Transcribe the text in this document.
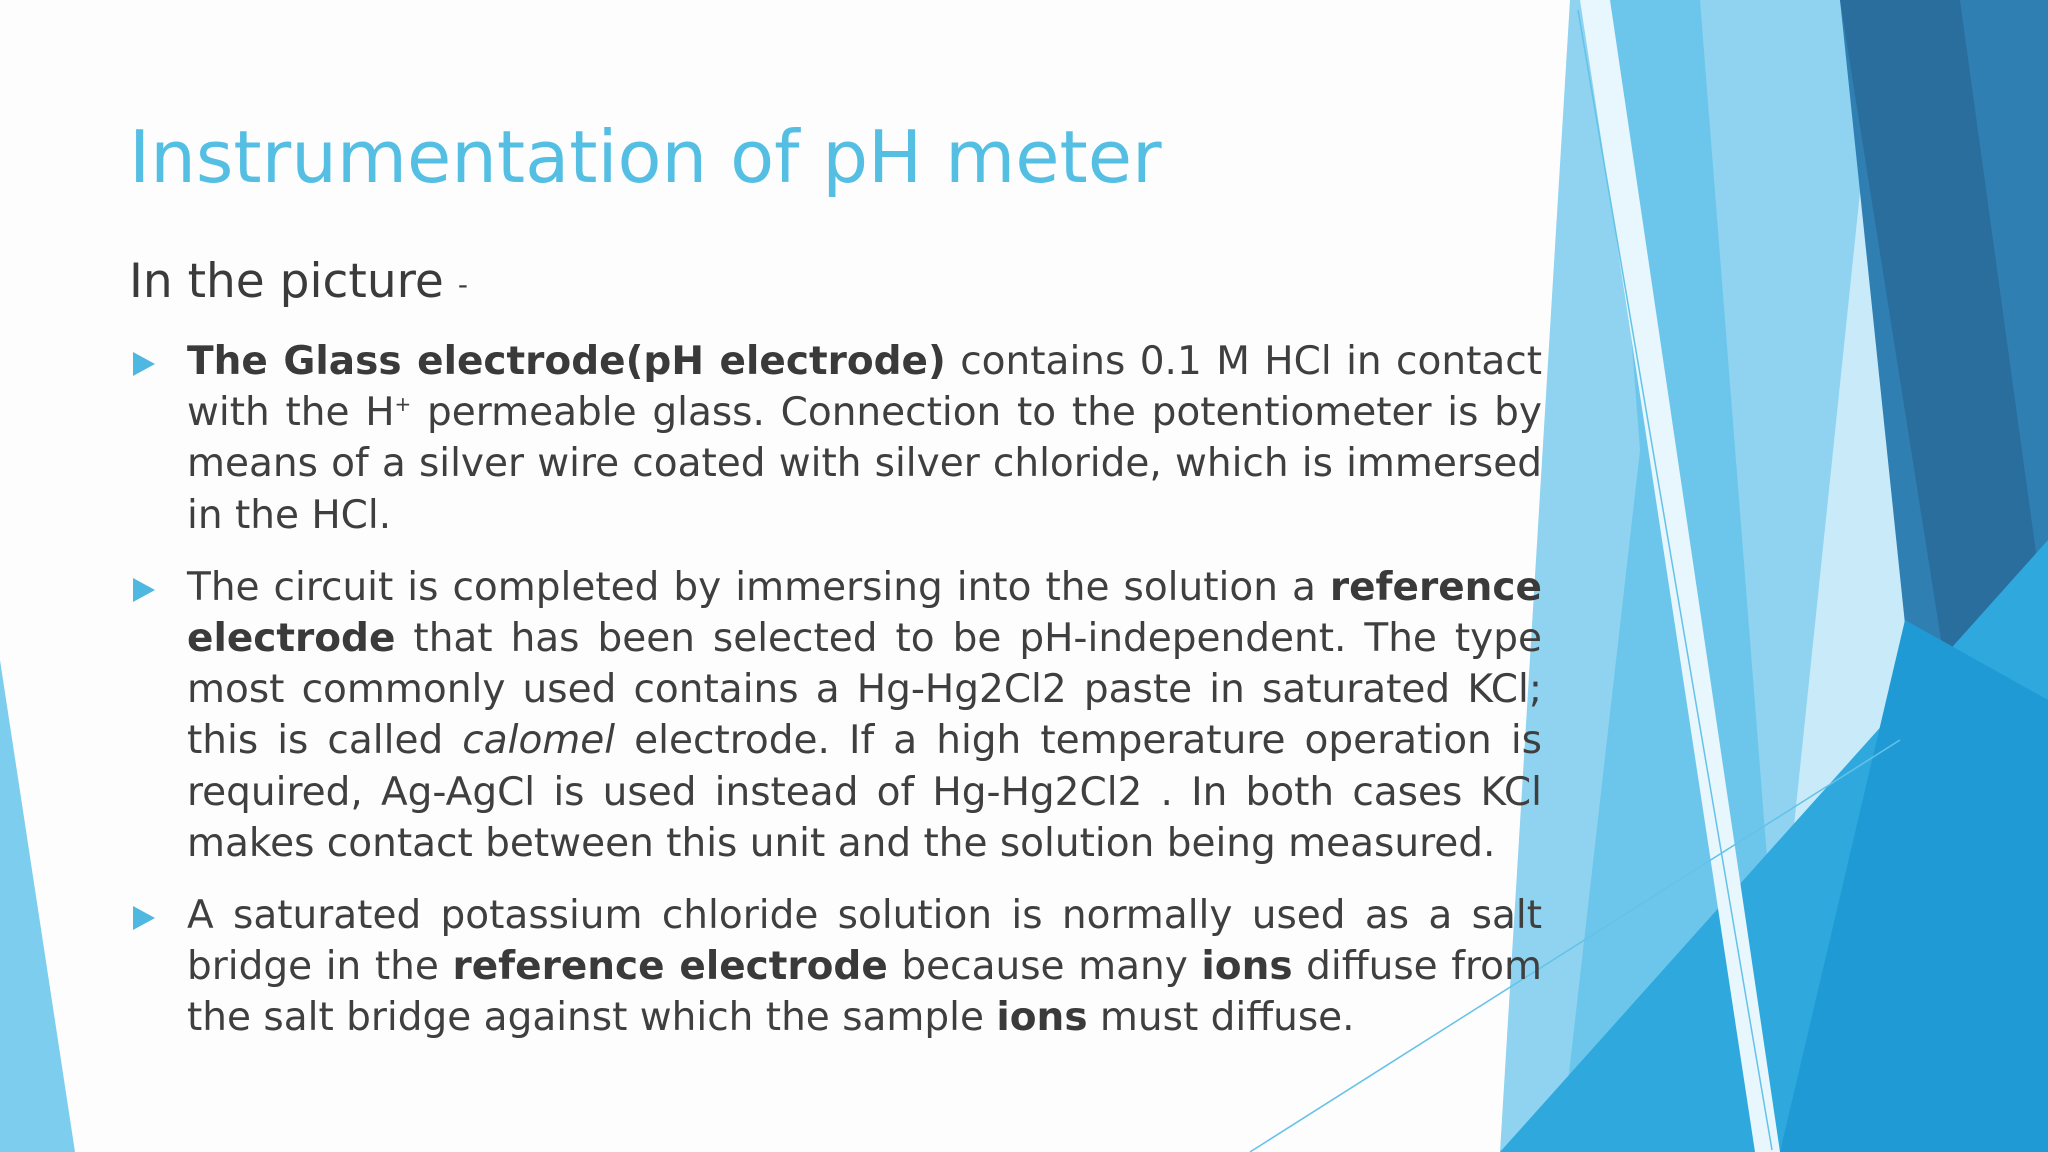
Instrumentation of pH meter
In the picture -
The Glass electrode(pH electrode) contains 0.1 M HCl in contact with the H+ permeable glass. Connection to the potentiometer is by means of a silver wire coated with silver chloride, which is immersed in the HCl.
The circuit is completed by immersing into the solution a reference electrode that has been selected to be pH-independent. The type most commonly used contains a Hg-Hg2Cl2 paste in saturated KCl; this is called calomel electrode. If a high temperature operation is required, Ag-AgCl is used instead of Hg-Hg2Cl2 . In both cases KCl makes contact between this unit and the solution being measured.
A saturated potassium chloride solution is normally used as a salt bridge in the reference electrode because many ions diffuse from the salt bridge against which the sample ions must diffuse.
